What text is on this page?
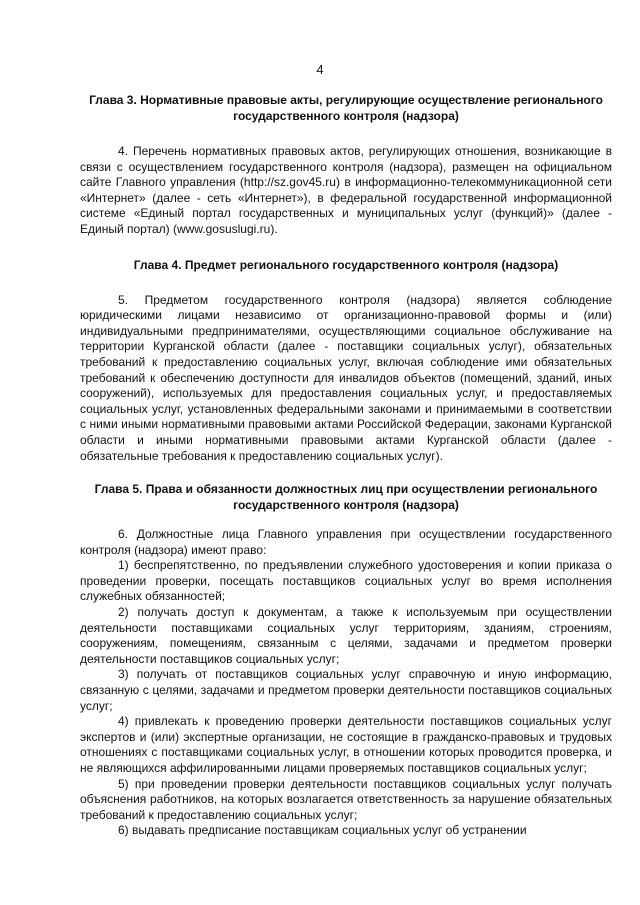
4

Глава 3. Нормативные правовые акты, регулирующие осуществление регионального государственного контроля (надзора)

4. Перечень нормативных правовых актов, регулирующих отношения, возникающие в связи с осуществлением государственного контроля (надзора), размещен на официальном сайте Главного управления (http://sz.gov45.ru) в информационно-телекоммуникационной сети «Интернет» (далее - сеть «Интернет»), в федеральной государственной информационной системе «Единый портал государственных и муниципальных услуг (функций)» (далее - Единый портал) (www.gosuslugi.ru).

Глава 4. Предмет регионального государственного контроля (надзора)

5. Предметом государственного контроля (надзора) является соблюдение юридическими лицами независимо от организационно-правовой формы и (или) индивидуальными предпринимателями, осуществляющими социальное обслуживание на территории Курганской области (далее - поставщики социальных услуг), обязательных требований к предоставлению социальных услуг, включая соблюдение ими обязательных требований к обеспечению доступности для инвалидов объектов (помещений, зданий, иных сооружений), используемых для предоставления социальных услуг, и предоставляемых социальных услуг, установленных федеральными законами и принимаемыми в соответствии с ними иными нормативными правовыми актами Российской Федерации, законами Курганской области и иными нормативными правовыми актами Курганской области (далее - обязательные требования к предоставлению социальных услуг).

Глава 5. Права и обязанности должностных лиц при осуществлении регионального государственного контроля (надзора)

6. Должностные лица Главного управления при осуществлении государственного контроля (надзора) имеют право:

1) беспрепятственно, по предъявлении служебного удостоверения и копии приказа о проведении проверки, посещать поставщиков социальных услуг во время исполнения служебных обязанностей;

2) получать доступ к документам, а также к используемым при осуществлении деятельности поставщиками социальных услуг территориям, зданиям, строениям, сооружениям, помещениям, связанным с целями, задачами и предметом проверки деятельности поставщиков социальных услуг;

3) получать от поставщиков социальных услуг справочную и иную информацию, связанную с целями, задачами и предметом проверки деятельности поставщиков социальных услуг;

4) привлекать к проведению проверки деятельности поставщиков социальных услуг экспертов и (или) экспертные организации, не состоящие в гражданско-правовых и трудовых отношениях с поставщиками социальных услуг, в отношении которых проводится проверка, и не являющихся аффилированными лицами проверяемых поставщиков социальных услуг;

5) при проведении проверки деятельности поставщиков социальных услуг получать объяснения работников, на которых возлагается ответственность за нарушение обязательных требований к предоставлению социальных услуг;

6) выдавать предписание поставщикам социальных услуг об устранении
